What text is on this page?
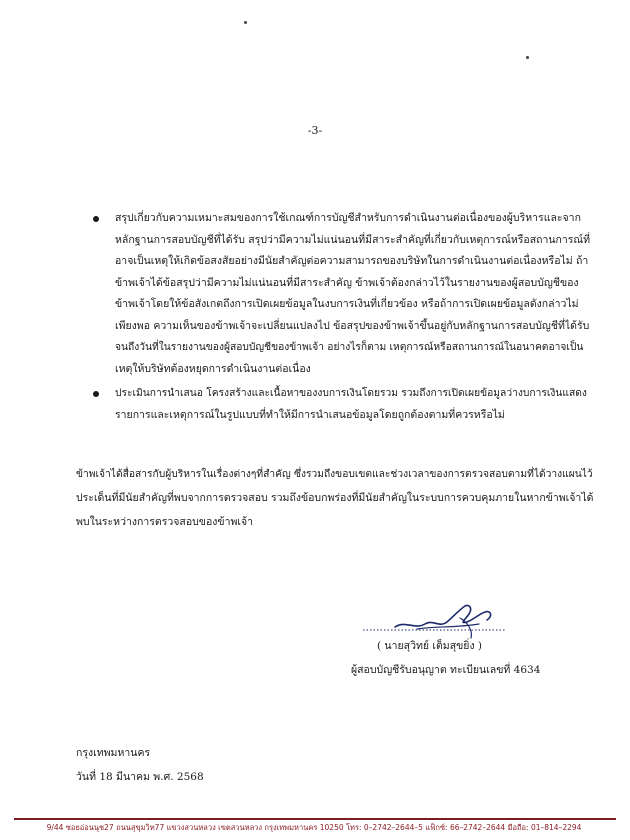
-3-
สรุปเกี่ยวกับความเหมาะสมของการใช้เกณฑ์การบัญชีสำหรับการดำเนินงานต่อเนื่องของผู้บริหารและจาก
หลักฐานการสอบบัญชีที่ได้รับ สรุปว่ามีความไม่แน่นอนที่มีสาระสำคัญที่เกี่ยวกับเหตุการณ์หรือสถานการณ์ที่
อาจเป็นเหตุให้เกิดข้อสงสัยอย่างมีนัยสำคัญต่อความสามารถของบริษัทในการดำเนินงานต่อเนื่องหรือไม่ ถ้า
ข้าพเจ้าได้ข้อสรุปว่ามีความไม่แน่นอนที่มีสาระสำคัญ ข้าพเจ้าต้องกล่าวไว้ในรายงานของผู้สอบบัญชีของ
ข้าพเจ้าโดยให้ข้อสังเกตถึงการเปิดเผยข้อมูลในงบการเงินที่เกี่ยวข้อง หรือถ้าการเปิดเผยข้อมูลดังกล่าวไม่
เพียงพอ ความเห็นของข้าพเจ้าจะเปลี่ยนแปลงไป ข้อสรุปของข้าพเจ้าขึ้นอยู่กับหลักฐานการสอบบัญชีที่ได้รับ
จนถึงวันที่ในรายงานของผู้สอบบัญชีของข้าพเจ้า อย่างไรก็ตาม เหตุการณ์หรือสถานการณ์ในอนาคตอาจเป็น
เหตุให้บริษัทต้องหยุดการดำเนินงานต่อเนื่อง
ประเมินการนำเสนอ โครงสร้างและเนื้อหาของงบการเงินโดยรวม รวมถึงการเปิดเผยข้อมูลว่างบการเงินแสดง
รายการและเหตุการณ์ในรูปแบบที่ทำให้มีการนำเสนอข้อมูลโดยถูกต้องตามที่ควรหรือไม่
ข้าพเจ้าได้สื่อสารกับผู้บริหารในเรื่องต่างๆที่สำคัญ ซึ่งรวมถึงขอบเขตและช่วงเวลาของการตรวจสอบตามที่ได้วางแผนไว้
ประเด็นที่มีนัยสำคัญที่พบจากการตรวจสอบ รวมถึงข้อบกพร่องที่มีนัยสำคัญในระบบการควบคุมภายในหากข้าพเจ้าได้
พบในระหว่างการตรวจสอบของข้าพเจ้า
( นายสุวิทย์ เต็มสุขยิ่ง )
ผู้สอบบัญชีรับอนุญาต ทะเบียนเลขที่ 4634
กรุงเทพมหานคร
วันที่ 18 มีนาคม พ.ศ. 2568
9/44 ซอยอ่อนนุช27 ถนนสุขุมวิท77 แขวงสวนหลวง เขตสวนหลวง กรุงเทพมหานคร 10250 โทร: 0–2742–2644–5 แฟ็กซ์: 66–2742–2644 มือถือ: 01–814–2294
